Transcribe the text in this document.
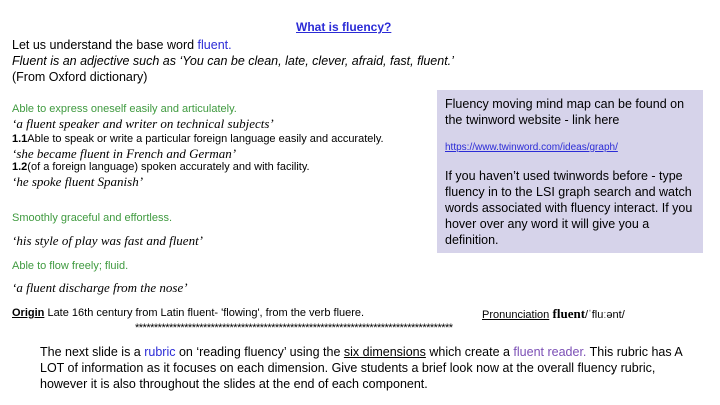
What is fluency?
Let us understand the base word fluent.
Fluent is an adjective such as ‘You can be clean, late, clever, afraid, fast, fluent.’
(From Oxford dictionary)
Able to express oneself easily and articulately.
‘a fluent speaker and writer on technical subjects’
1.1Able to speak or write a particular foreign language easily and accurately.
‘she became fluent in French and German’
1.2(of a foreign language) spoken accurately and with facility.
‘he spoke fluent Spanish’
Smoothly graceful and effortless.
‘his style of play was fast and fluent’
Able to flow freely; fluid.
‘a fluent discharge from the nose’
Origin Late 16th century from Latin fluent- 'flowing', from the verb fluere.	Pronunciation fluent/ˈfluːənt/

Fluency moving mind map can be found on the twinword website - link here

https://www.twinword.com/ideas/graph/

If you haven’t used twinwords before - type fluency in to the LSI graph search and watch words associated with fluency interact. If you hover over any word it will give you a definition.

************************************************************************************
The next slide is a rubric on ‘reading fluency’ using the six dimensions which create a fluent reader. This rubric has A LOT of information as it focuses on each dimension. Give students a brief look now at the overall fluency rubric, however it is also throughout the slides at the end of each component.
